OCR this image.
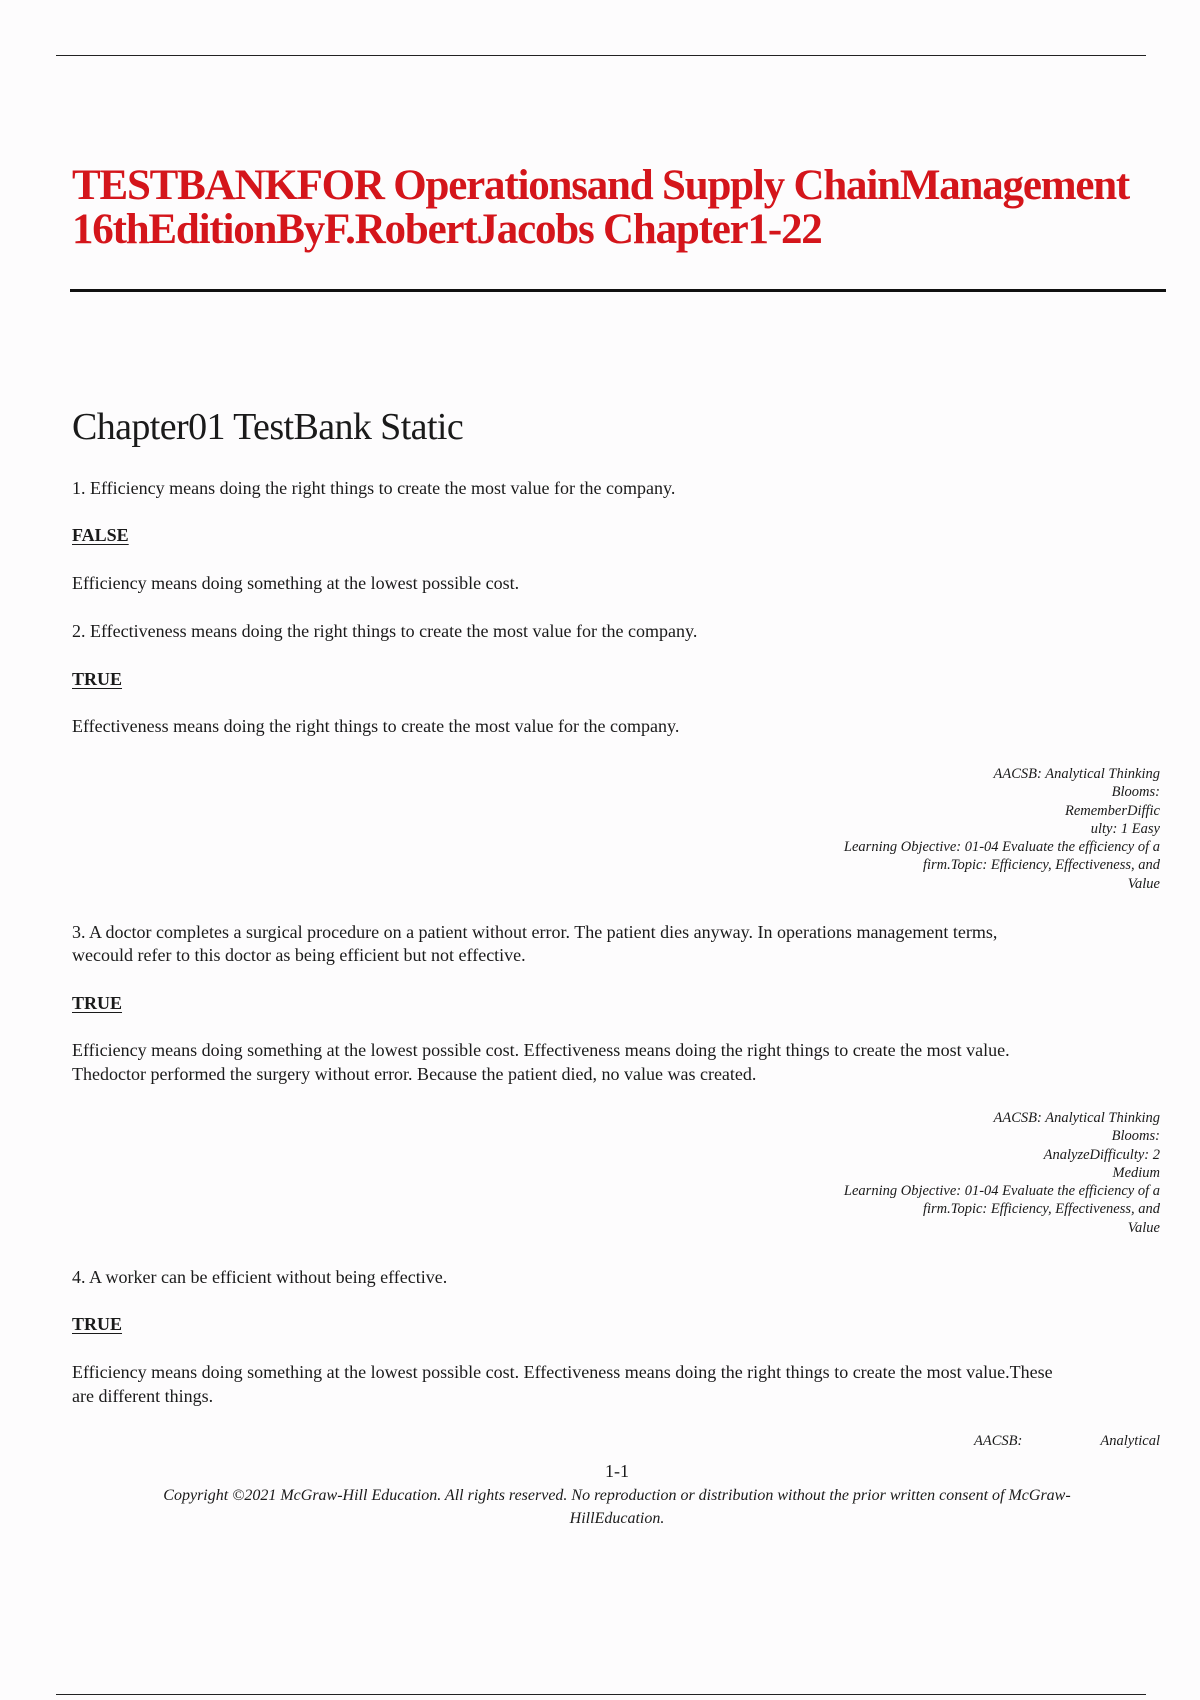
TESTBANKFOR Operationsand Supply ChainManagement
16thEditionByF.RobertJacobs Chapter1-22
Chapter01 TestBank Static
1. Efficiency means doing the right things to create the most value for the company.
FALSE
Efficiency means doing something at the lowest possible cost.
2. Effectiveness means doing the right things to create the most value for the company.
TRUE
Effectiveness means doing the right things to create the most value for the company.
AACSB: Analytical Thinking
Blooms:
RememberDiffic
ulty: 1 Easy
Learning Objective: 01-04 Evaluate the efficiency of a
firm.Topic: Efficiency, Effectiveness, and
Value
3. A doctor completes a surgical procedure on a patient without error. The patient dies anyway. In operations management terms,
wecould refer to this doctor as being efficient but not effective.
TRUE
Efficiency means doing something at the lowest possible cost. Effectiveness means doing the right things to create the most value.
Thedoctor performed the surgery without error. Because the patient died, no value was created.
AACSB: Analytical Thinking
Blooms:
AnalyzeDifficulty: 2
Medium
Learning Objective: 01-04 Evaluate the efficiency of a
firm.Topic: Efficiency, Effectiveness, and
Value
4. A worker can be efficient without being effective.
TRUE
Efficiency means doing something at the lowest possible cost. Effectiveness means doing the right things to create the most value.These
are different things.
AACSB:	Analytical
1-1
Copyright ©2021 McGraw-Hill Education. All rights reserved. No reproduction or distribution without the prior written consent of McGraw-
HillEducation.
